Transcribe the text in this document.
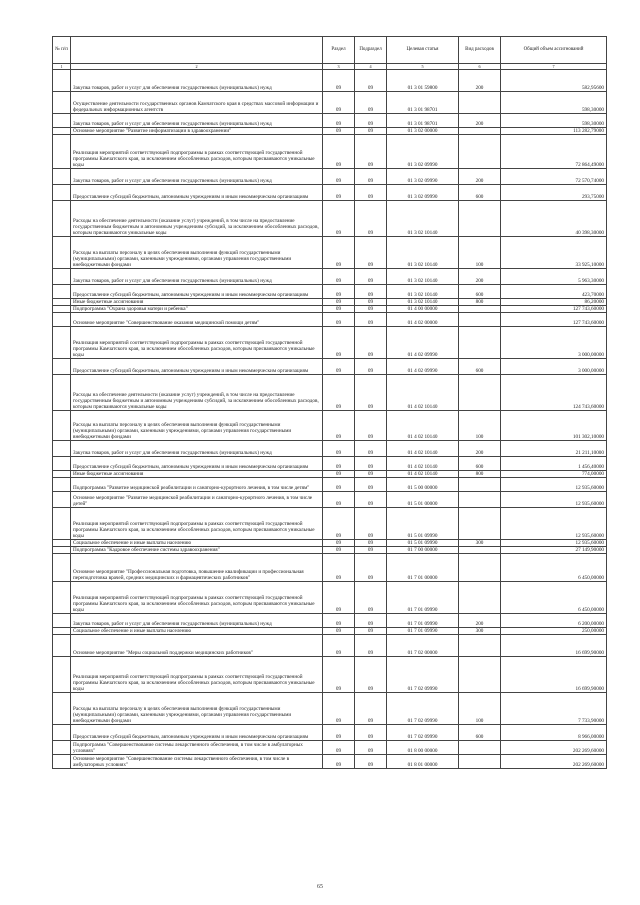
№ п/п		Раздел	Подраздел	Целевая статья	Вид расходов	Общий объем ассигнований
1	2	3	4	5	6	7
	Закупка товаров, работ и услуг для обеспечения государственных (муниципальных) нужд	09	09	01 3 01 59800	200	582,95600
	Осуществление деятельности государственных органов Камчатского края в средствах массовой информации и федеральных информационных агентств	09	09	01 3 01 98701		598,30000
	Закупка товаров, работ и услуг для обеспечения государственных (муниципальных) нужд	09	09	01 3 01 98701	200	598,30000
	Основное мероприятие "Развитие информатизации в здравоохранении"	09	09	01 3 02 00000		113 282,79000
	Реализация мероприятий соответствующей подпрограммы в рамках соответствующей государственной программы Камчатского края, за исключением обособленных расходов, которым присваиваются уникальные коды	09	09	01 3 02 09990		72 864,49000
	Закупка товаров, работ и услуг для обеспечения государственных (муниципальных) нужд	09	09	01 3 02 09990	200	72 570,74000
	Предоставление субсидий бюджетным, автономным учреждениям и иным некоммерческим организациям	09	09	01 3 02 09990	600	293,75000
	Расходы на обеспечение деятельности (оказание услуг) учреждений, в том числе на предоставление государственным бюджетным и автономным учреждениям субсидий, за исключением обособленных расходов, которым присваиваются уникальные коды	09	09	01 3 02 10140		40 398,30000
	Расходы на выплаты персоналу в целях обеспечения выполнения функций государственными (муниципальными) органами, казенными учреждениями, органами управления государственными внебюджетными фондами	09	09	01 3 02 10140	100	33 925,10000
	Закупка товаров, работ и услуг для обеспечения государственных (муниципальных) нужд	09	09	01 3 02 10140	200	5 963,30000
	Предоставление субсидий бюджетным, автономным учреждениям и иным некоммерческим организациям	09	09	01 3 02 10140	600	423,70000
	Иные бюджетные ассигнования	09	09	01 3 02 10140	800	86,20000
	Подпрограмма "Охрана здоровья матери и ребенка"	09	09	01 4 00 00000		127 743,60000
	Основное мероприятие "Совершенствование оказания медицинской помощи детям"	09	09	01 4 02 00000		127 743,60000
	Реализация мероприятий соответствующей подпрограммы в рамках соответствующей государственной программы Камчатского края, за исключением обособленных расходов, которым присваиваются уникальные коды	09	09	01 4 02 09990		3 000,00000
	Предоставление субсидий бюджетным, автономным учреждениям и иным некоммерческим организациям	09	09	01 4 02 09990	600	3 000,00000
	Расходы на обеспечение деятельности (оказание услуг) учреждений, в том числе на предоставление государственным бюджетным и автономным учреждениям субсидий, за исключением обособленных расходов, которым присваиваются уникальные коды	09	09	01 4 02 10140		124 743,60000
	Расходы на выплаты персоналу в целях обеспечения выполнения функций государственными (муниципальными) органами, казенными учреждениями, органами управления государственными внебюджетными фондами	09	09	01 4 02 10140	100	101 302,10000
	Закупка товаров, работ и услуг для обеспечения государственных (муниципальных) нужд	09	09	01 4 02 10140	200	21 211,10000
	Предоставление субсидий бюджетным, автономным учреждениям и иным некоммерческим организациям	09	09	01 4 02 10140	600	1 456,40000
	Иные бюджетные ассигнования	09	09	01 4 02 10140	800	774,00000
	Подпрограмма "Развитие медицинской реабилитации и санаторно-курортного лечения, в том числе детям"	09	09	01 5 00 00000		12 935,60000
	Основное мероприятие "Развитие медицинской реабилитации и санаторно-курортного лечения, в том числе детей"	09	09	01 5 01 00000		12 935,60000
	Реализация мероприятий соответствующей подпрограммы в рамках соответствующей государственной программы Камчатского края, за исключением обособленных расходов, которым присваиваются уникальные коды	09	09	01 5 01 09990		12 935,60000
	Социальное обеспечение и иные выплаты населению	09	09	01 5 01 09990	300	12 935,60000
	Подпрограмма "Кадровое обеспечение системы здравоохранения"	09	09	01 7 00 00000		27 149,90000
	Основное мероприятие "Профессиональная подготовка, повышение квалификации и профессиональная переподготовка врачей, средних медицинских и фармацевтических работников"	09	09	01 7 01 00000		6 450,00000
	Реализация мероприятий соответствующей подпрограммы в рамках соответствующей государственной программы Камчатского края, за исключением обособленных расходов, которым присваиваются уникальные коды	09	09	01 7 01 09990		6 450,00000
	Закупка товаров, работ и услуг для обеспечения государственных (муниципальных) нужд	09	09	01 7 01 09990	200	6 200,00000
	Социальное обеспечение и иные выплаты населению	09	09	01 7 01 09990	300	250,00000
	Основное мероприятие "Меры социальной поддержки медицинских работников"	09	09	01 7 02 00000		16 699,90000
	Реализация мероприятий соответствующей подпрограммы в рамках соответствующей государственной программы Камчатского края, за исключением обособленных расходов, которым присваиваются уникальные коды	09	09	01 7 02 09990		16 699,90000
	Расходы на выплаты персоналу в целях обеспечения выполнения функций государственными (муниципальными) органами, казенными учреждениями, органами управления государственными внебюджетными фондами	09	09	01 7 02 09990	100	7 733,90000
	Предоставление субсидий бюджетным, автономным учреждениям и иным некоммерческим организациям	09	09	01 7 02 09990	600	8 966,00000
	Подпрограмма "Совершенствование системы лекарственного обеспечения, в том числе в амбулаторных условиях"	09	09	01 8 00 00000		202 269,60000
	Основное мероприятие "Совершенствование системы лекарственного обеспечения, в том числе в амбулаторных условиях"	09	09	01 8 01 00000		202 269,60000
65
